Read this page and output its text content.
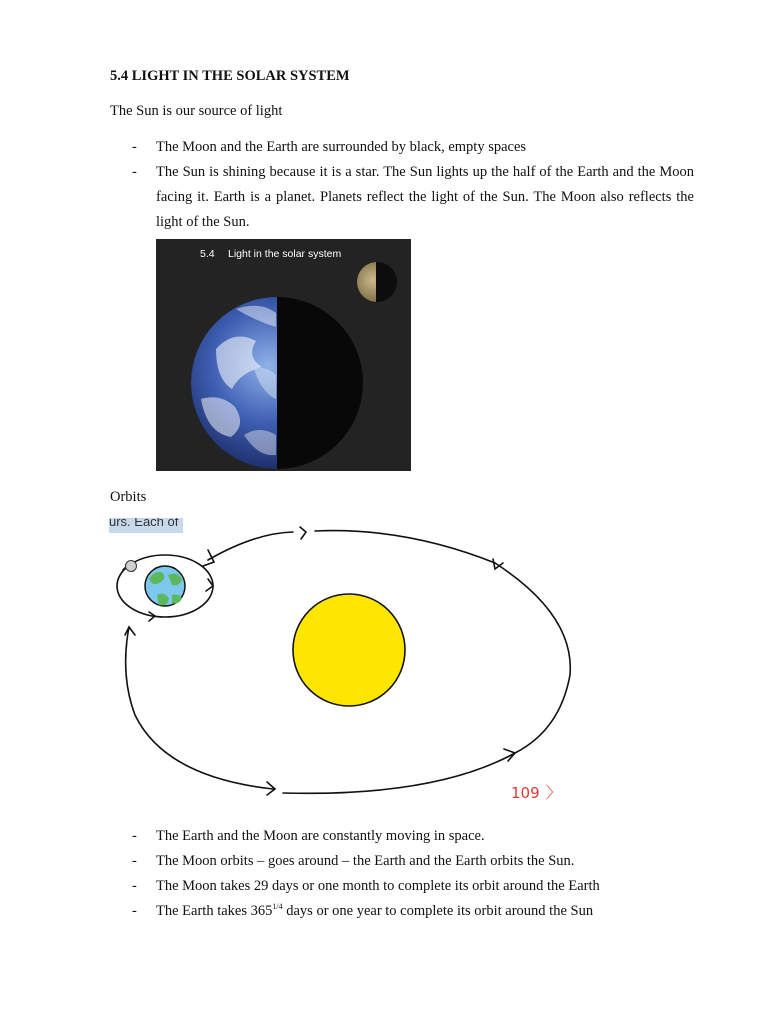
5.4 LIGHT IN THE SOLAR SYSTEM

The Sun is our source of light

- The Moon and the Earth are surrounded by black, empty spaces
- The Sun is shining because it is a star. The Sun lights up the half of the Earth and the Moon facing it. Earth is a planet. Planets reflect the light of the Sun. The Moon also reflects the light of the Sun.
5.4 Light in the solar system

Orbits

urs. Each of
109 〉
- The Earth and the Moon are constantly moving in space.
- The Moon orbits – goes around – the Earth and the Earth orbits the Sun.
- The Moon takes 29 days or one month to complete its orbit around the Earth
- The Earth takes $365^{1/4}$ days or one year to complete its orbit around the Sun
